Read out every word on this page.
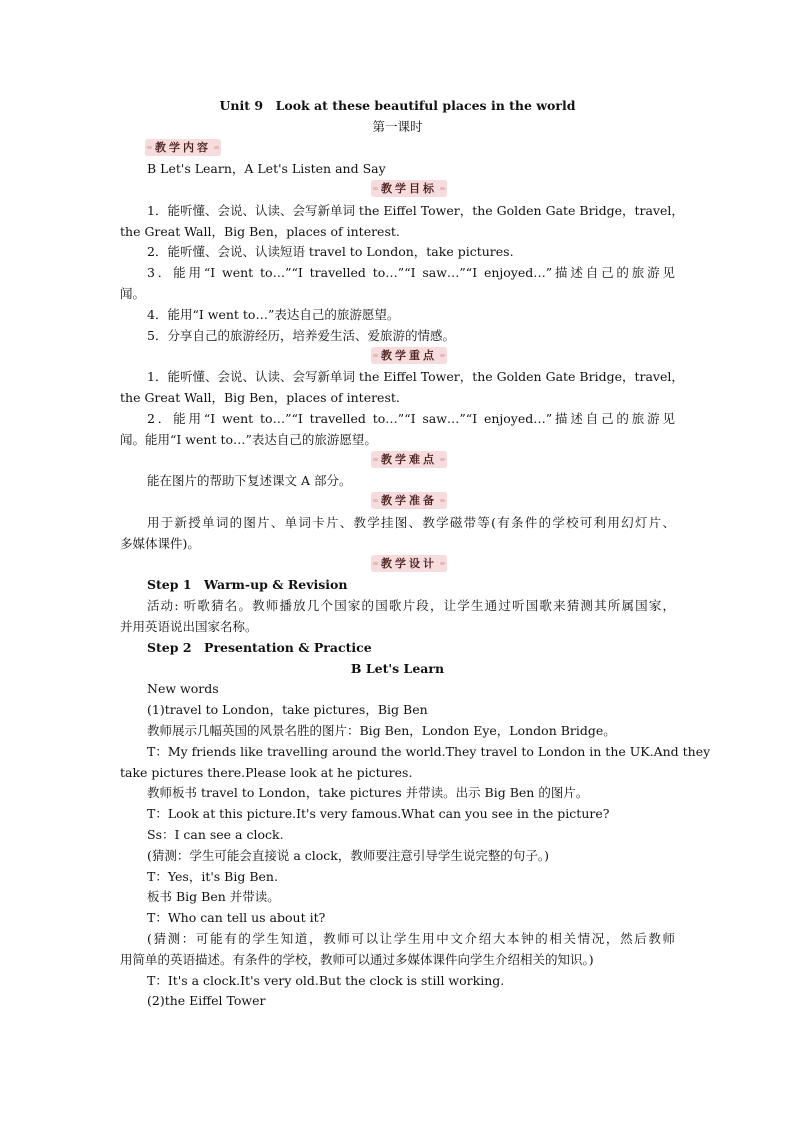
Unit 9　Look at these beautiful places in the world
第一课时
教学内容
B Let's Learn，A Let's Listen and Say
教学目标
1．能听懂、会说、认读、会写新单词 the Eiffel Tower，the Golden Gate Bridge，travel，
the Great Wall，Big Ben，places of interest.
2．能听懂、会说、认读短语 travel to London，take pictures.
3．能用“I went to…”“I travelled to…”“I saw…”“I enjoyed…”描述自己的旅游见
闻。
4．能用“I went to…”表达自己的旅游愿望。
5．分享自己的旅游经历，培养爱生活、爱旅游的情感。
教学重点
1．能听懂、会说、认读、会写新单词 the Eiffel Tower，the Golden Gate Bridge，travel，
the Great Wall，Big Ben，places of interest.
2．能用“I went to…”“I travelled to…”“I saw…”“I enjoyed…”描述自己的旅游见
闻。能用“I went to…”表达自己的旅游愿望。
教学难点
能在图片的帮助下复述课文 A 部分。
教学准备
用于新授单词的图片、单词卡片、教学挂图、教学磁带等(有条件的学校可利用幻灯片、
多媒体课件)。
教学设计
Step 1　Warm-up & Revision
活动: 听歌猜名。教师播放几个国家的国歌片段，让学生通过听国歌来猜测其所属国家，
并用英语说出国家名称。
Step 2　Presentation & Practice
B Let's Learn
New words
(1)travel to London，take pictures，Big Ben
教师展示几幅英国的风景名胜的图片：Big Ben，London Eye，London Bridge。
T：My friends like travelling around the world.They travel to London in the UK.And they
take pictures there.Please look at he pictures.
教师板书 travel to London，take pictures 并带读。出示 Big Ben 的图片。
T：Look at this picture.It's very famous.What can you see in the picture?
Ss：I can see a clock.
(猜测：学生可能会直接说 a clock，教师要注意引导学生说完整的句子。)
T：Yes，it's Big Ben.
板书 Big Ben 并带读。
T：Who can tell us about it?
(猜测：可能有的学生知道，教师可以让学生用中文介绍大本钟的相关情况，然后教师
用简单的英语描述。有条件的学校，教师可以通过多媒体课件向学生介绍相关的知识。)
T：It's a clock.It's very old.But the clock is still working.
(2)the Eiffel Tower
